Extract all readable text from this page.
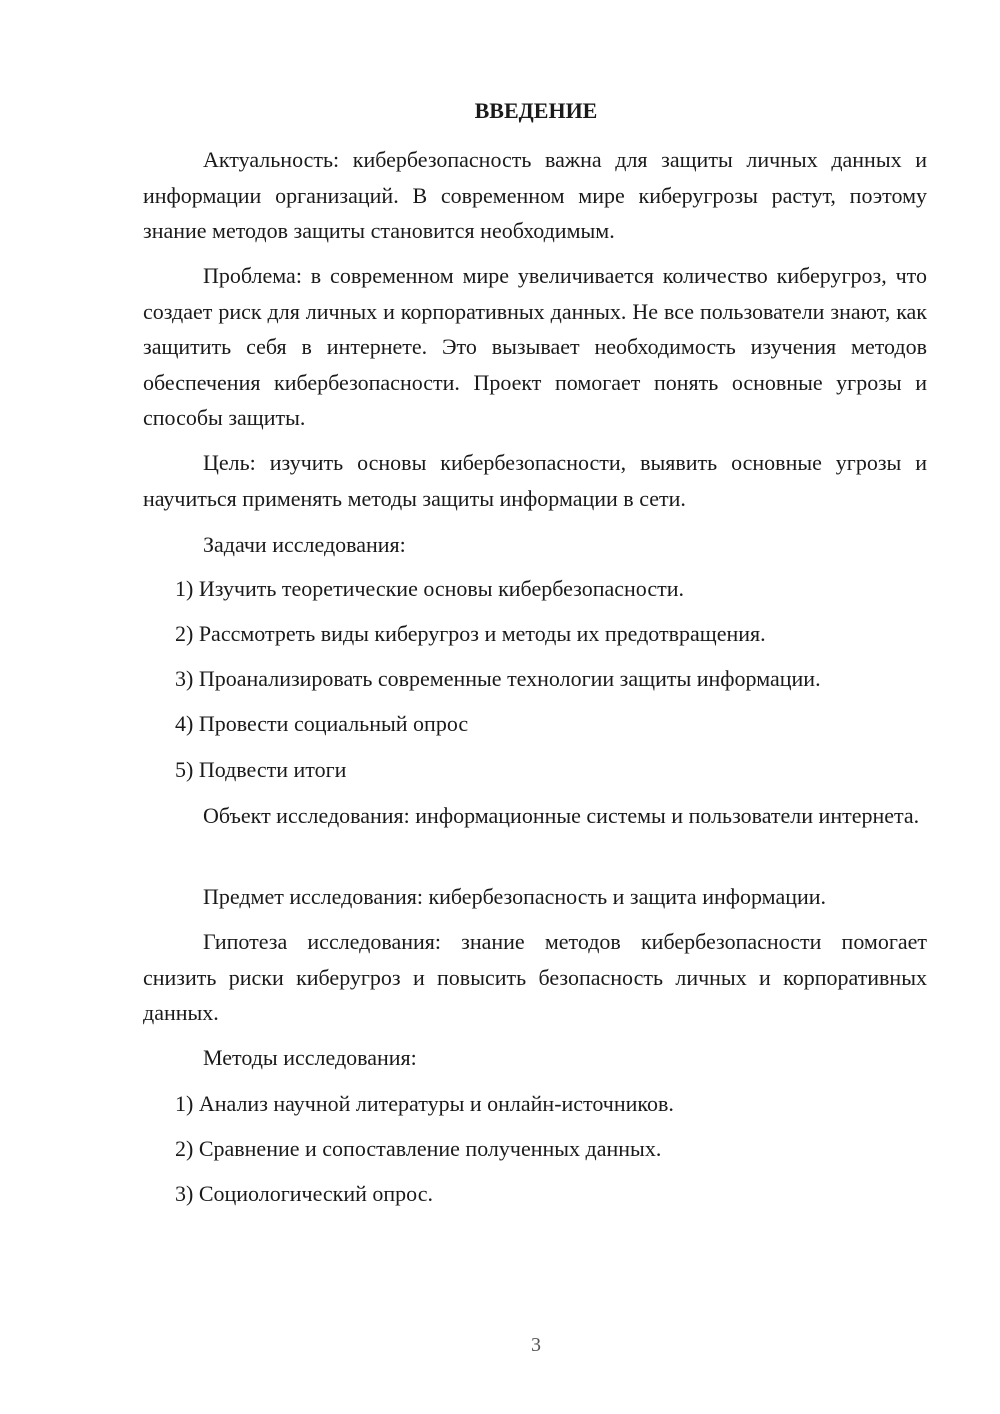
ВВЕДЕНИЕ

Актуальность: кибербезопасность важна для защиты личных данных и информации организаций. В современном мире киберугрозы растут, поэтому знание методов защиты становится необходимым.

Проблема: в современном мире увеличивается количество киберугроз, что создает риск для личных и корпоративных данных. Не все пользователи знают, как защитить себя в интернете. Это вызывает необходимость изучения методов обеспечения кибербезопасности. Проект помогает понять основные угрозы и способы защиты.

Цель: изучить основы кибербезопасности, выявить основные угрозы и научиться применять методы защиты информации в сети.

Задачи исследования:

1) Изучить теоретические основы кибербезопасности.
2) Рассмотреть виды киберугроз и методы их предотвращения.
3) Проанализировать современные технологии защиты информации.
4) Провести социальный опрос
5) Подвести итоги

Объект исследования: информационные системы и пользователи интернета.

Предмет исследования: кибербезопасность и защита информации.

Гипотеза исследования: знание методов кибербезопасности помогает снизить риски киберугроз и повысить безопасность личных и корпоративных данных.

Методы исследования:

1) Анализ научной литературы и онлайн-источников.
2) Сравнение и сопоставление полученных данных.
3) Социологический опрос.
3
